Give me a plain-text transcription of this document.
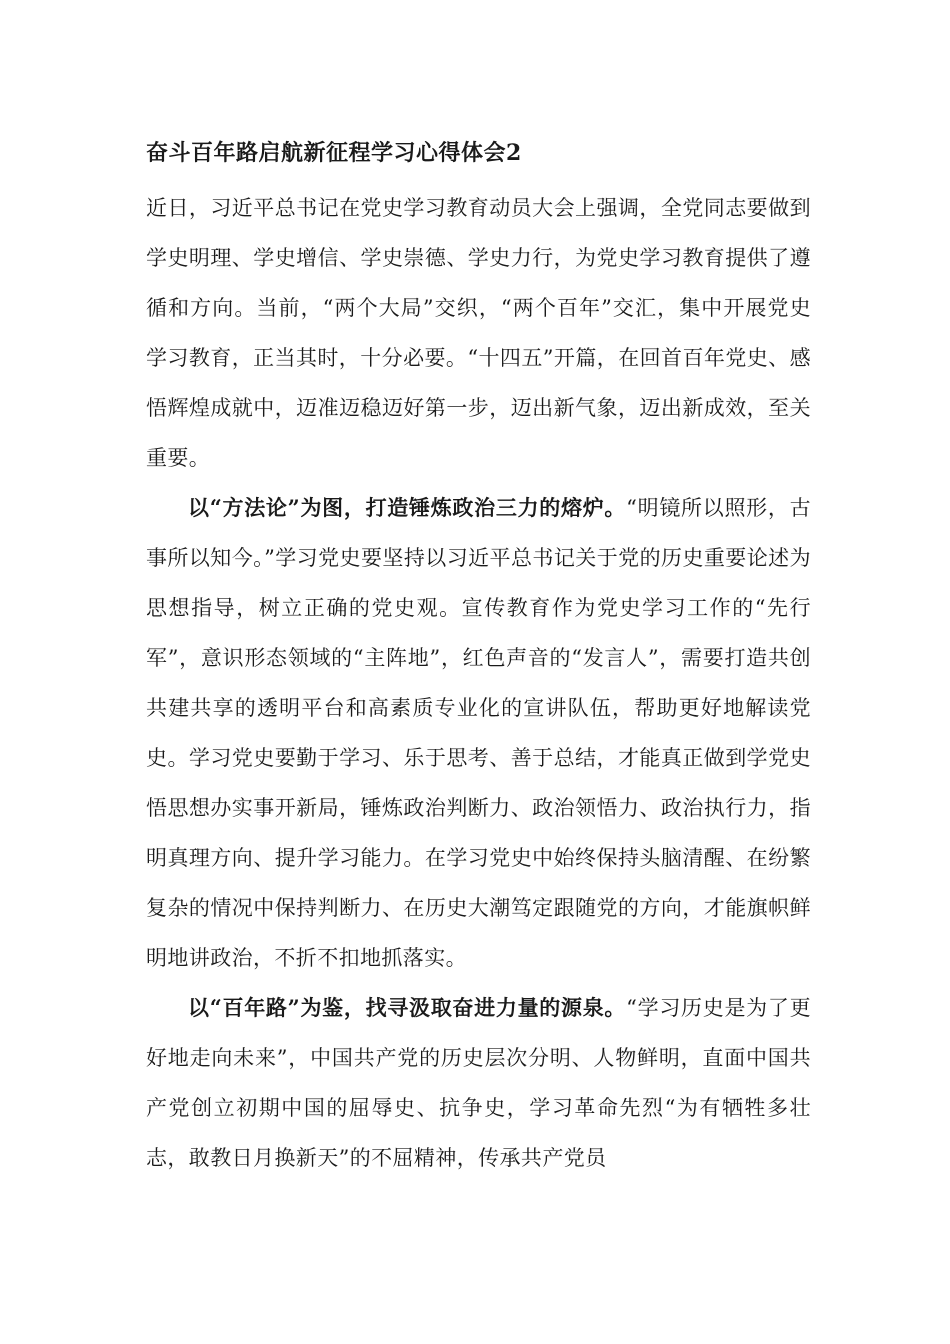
奋斗百年路启航新征程学习心得体会2

近日，习近平总书记在党史学习教育动员大会上强调，全党同志要做到学史明理、学史增信、学史崇德、学史力行，为党史学习教育提供了遵循和方向。当前，“两个大局”交织，“两个百年”交汇，集中开展党史学习教育，正当其时，十分必要。“十四五”开篇，在回首百年党史、感悟辉煌成就中，迈准迈稳迈好第一步，迈出新气象，迈出新成效，至关重要。

以“方法论”为图，打造锤炼政治三力的熔炉。“明镜所以照形，古事所以知今。”学习党史要坚持以习近平总书记关于党的历史重要论述为思想指导，树立正确的党史观。宣传教育作为党史学习工作的“先行军”，意识形态领域的“主阵地”，红色声音的“发言人”，需要打造共创共建共享的透明平台和高素质专业化的宣讲队伍，帮助更好地解读党史。学习党史要勤于学习、乐于思考、善于总结，才能真正做到学党史悟思想办实事开新局，锤炼政治判断力、政治领悟力、政治执行力，指明真理方向、提升学习能力。在学习党史中始终保持头脑清醒、在纷繁复杂的情况中保持判断力、在历史大潮笃定跟随党的方向，才能旗帜鲜明地讲政治，不折不扣地抓落实。

以“百年路”为鉴，找寻汲取奋进力量的源泉。“学习历史是为了更好地走向未来”，中国共产党的历史层次分明、人物鲜明，直面中国共产党创立初期中国的屈辱史、抗争史，学习革命先烈“为有牺牲多壮志，敢教日月换新天”的不屈精神，传承共产党员
